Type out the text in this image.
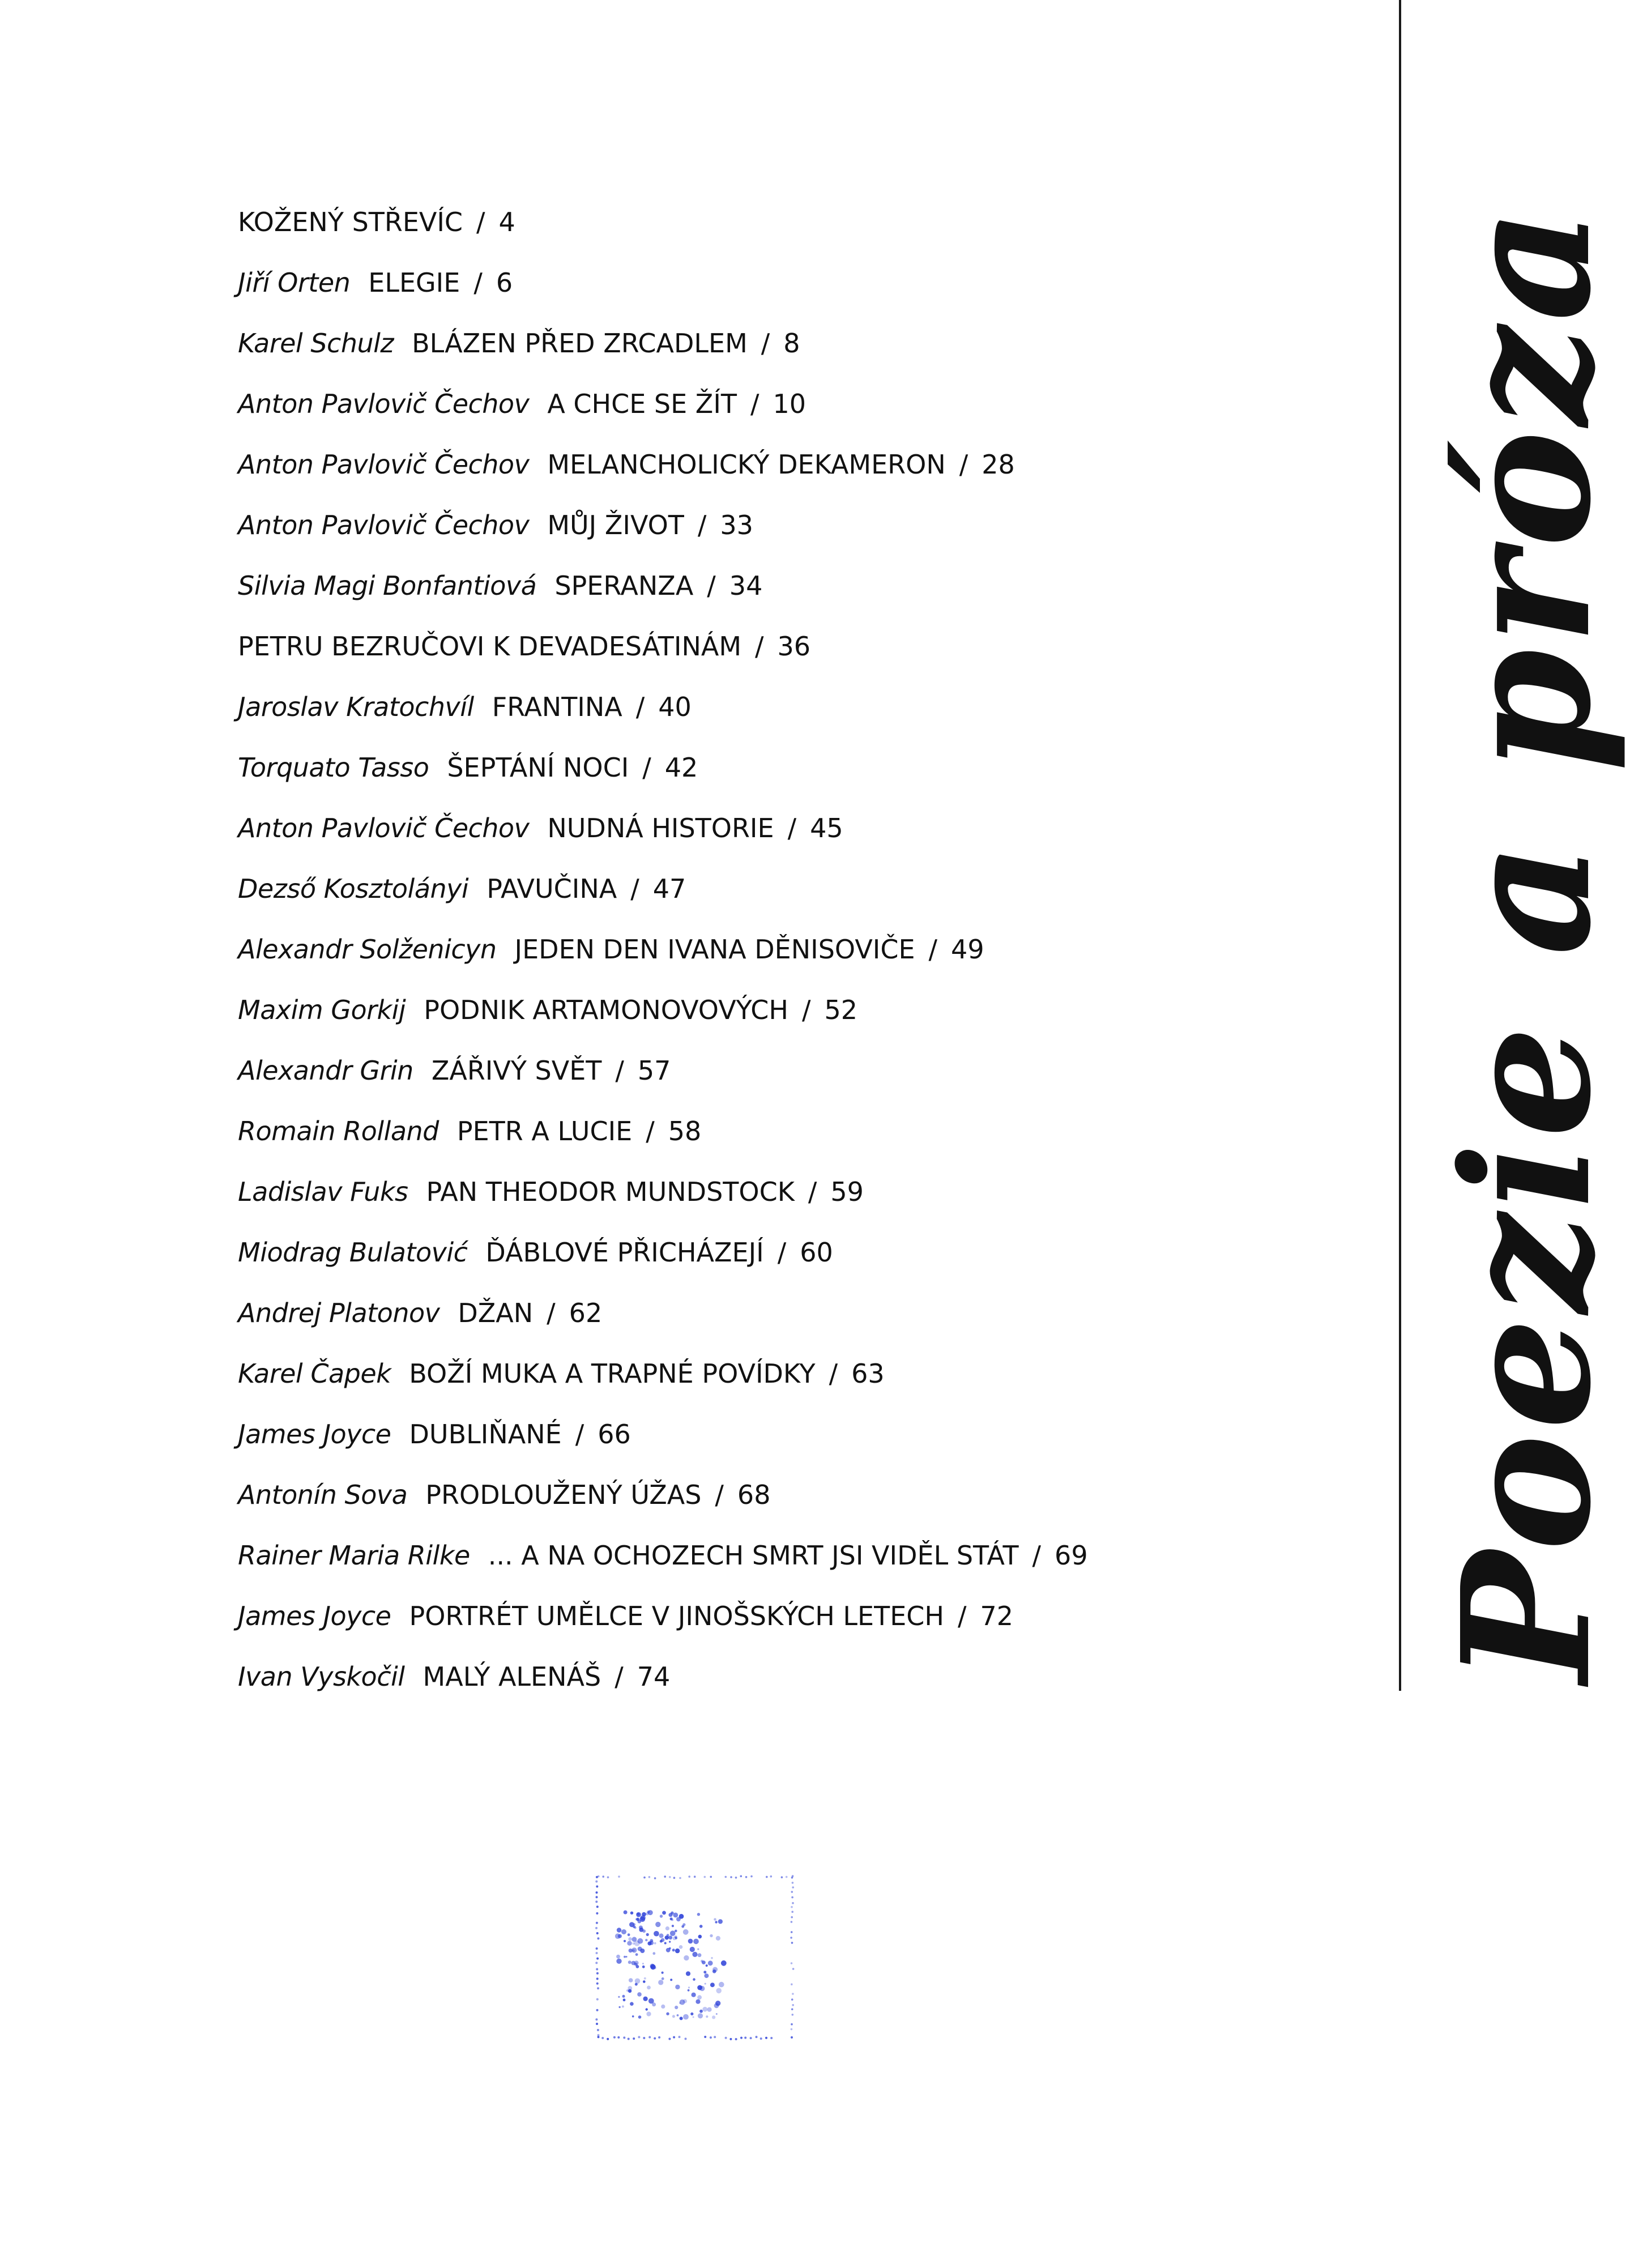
KOŽENÝ STŘEVÍC / 4
Jiří Orten ELEGIE / 6
Karel Schulz BLÁZEN PŘED ZRCADLEM / 8
Anton Pavlovič Čechov A CHCE SE ŽÍT / 10
Anton Pavlovič Čechov MELANCHOLICKÝ DEKAMERON / 28
Anton Pavlovič Čechov MŮJ ŽIVOT / 33
Silvia Magi Bonfantiová SPERANZA / 34
PETRU BEZRUČOVI K DEVADESÁTINÁM / 36
Jaroslav Kratochvíl FRANTINA / 40
Torquato Tasso ŠEPTÁNÍ NOCI / 42
Anton Pavlovič Čechov NUDNÁ HISTORIE / 45
Dezső Kosztolányi PAVUČINA / 47
Alexandr Solženicyn JEDEN DEN IVANA DĚNISOVIČE / 49
Maxim Gorkij PODNIK ARTAMONOVOVÝCH / 52
Alexandr Grin ZÁŘIVÝ SVĚT / 57
Romain Rolland PETR A LUCIE / 58
Ladislav Fuks PAN THEODOR MUNDSTOCK / 59
Miodrag Bulatović ĎÁBLOVÉ PŘICHÁZEJÍ / 60
Andrej Platonov DŽAN / 62
Karel Čapek BOŽÍ MUKA A TRAPNÉ POVÍDKY / 63
James Joyce DUBLIŇANÉ / 66
Antonín Sova PRODLOUŽENÝ ÚŽAS / 68
Rainer Maria Rilke ... A NA OCHOZECH SMRT JSI VIDĚL STÁT / 69
James Joyce PORTRÉT UMĚLCE V JINOŠSKÝCH LETECH / 72
Ivan Vyskočil MALÝ ALENÁŠ / 74	Poezie a próza
